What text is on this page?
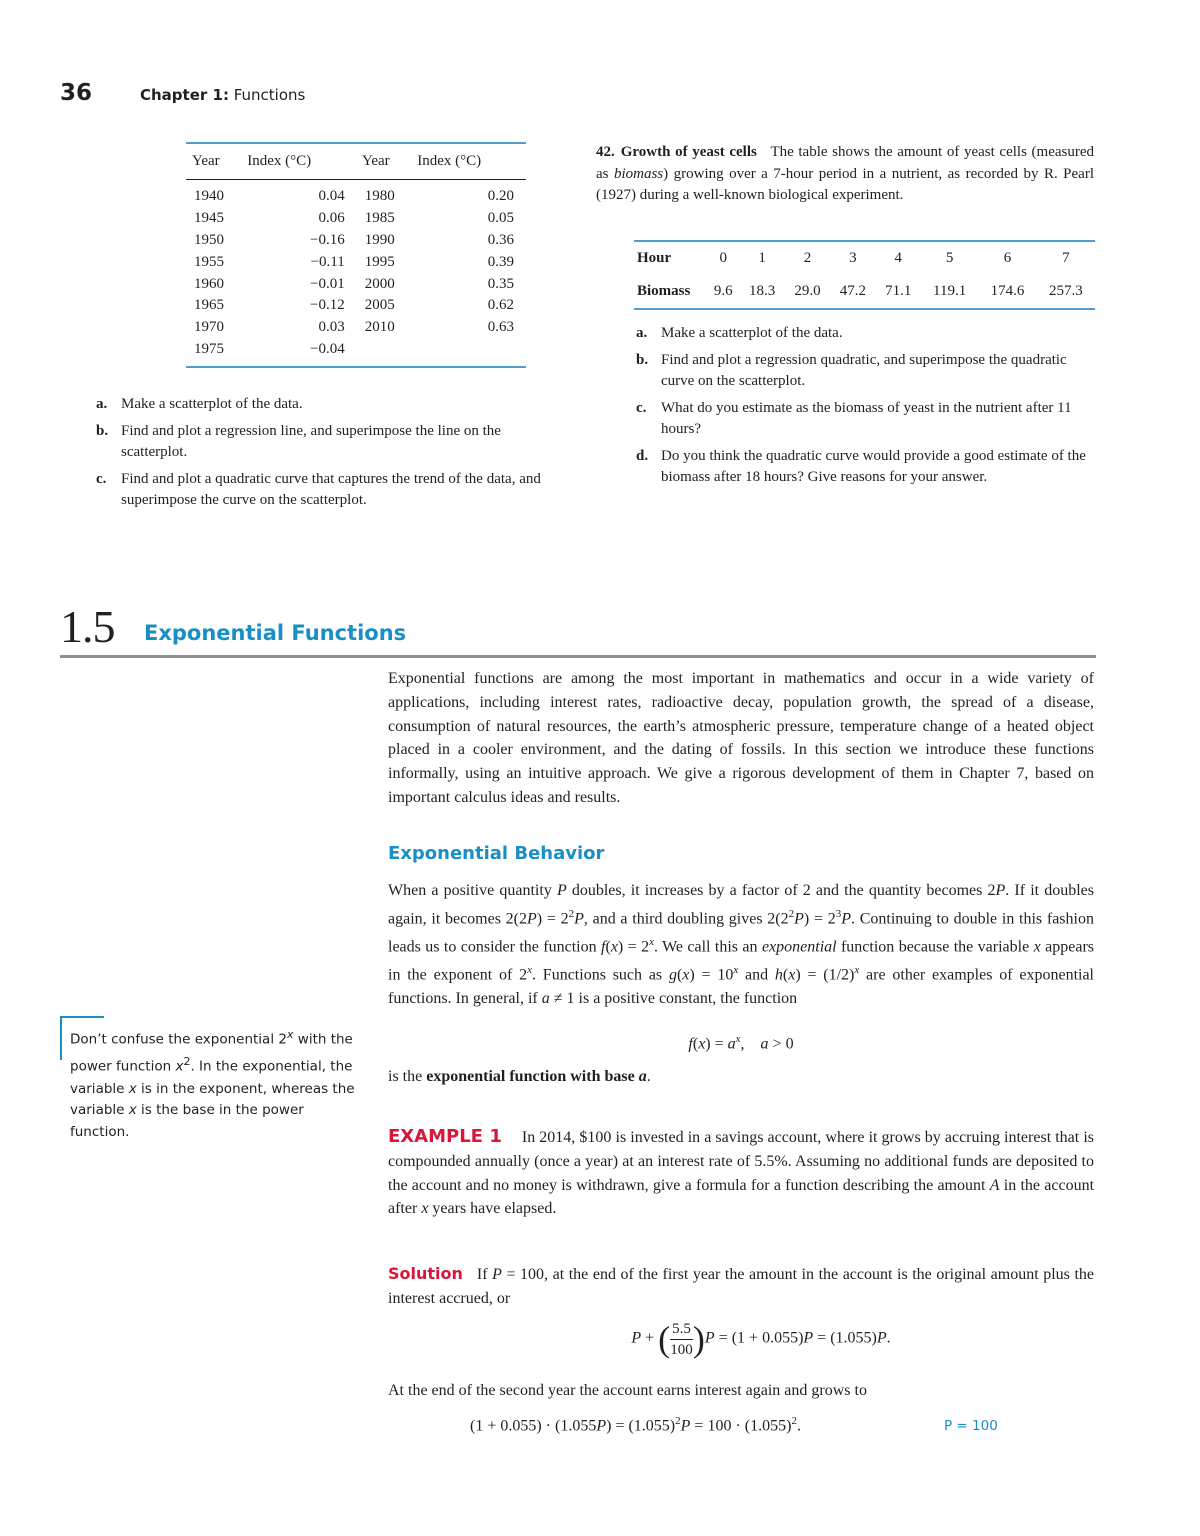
36	Chapter 1: Functions
Year	Index (°C)	Year	Index (°C)
1940	0.04	1980	0.20
1945	0.06	1985	0.05
1950	−0.16	1990	0.36
1955	−0.11	1995	0.39
1960	−0.01	2000	0.35
1965	−0.12	2005	0.62
1970	0.03	2010	0.63
1975	−0.04		
a. Make a scatterplot of the data.
b. Find and plot a regression line, and superimpose the line on the scatterplot.
c. Find and plot a quadratic curve that captures the trend of the data, and superimpose the curve on the scatterplot.
42. Growth of yeast cells The table shows the amount of yeast cells (measured as biomass) growing over a 7-hour period in a nutrient, as recorded by R. Pearl (1927) during a well-known biological experiment.
Hour	0	1	2	3	4	5	6	7
Biomass	9.6	18.3	29.0	47.2	71.1	119.1	174.6	257.3
a. Make a scatterplot of the data.
b. Find and plot a regression quadratic, and superimpose the quadratic curve on the scatterplot.
c. What do you estimate as the biomass of yeast in the nutrient after 11 hours?
d. Do you think the quadratic curve would provide a good estimate of the biomass after 18 hours? Give reasons for your answer.
1.5 Exponential Functions
Exponential functions are among the most important in mathematics and occur in a wide variety of applications, including interest rates, radioactive decay, population growth, the spread of a disease, consumption of natural resources, the earth’s atmospheric pressure, temperature change of a heated object placed in a cooler environment, and the dating of fossils. In this section we introduce these functions informally, using an intuitive approach. We give a rigorous development of them in Chapter 7, based on important calculus ideas and results.
Exponential Behavior
When a positive quantity P doubles, it increases by a factor of 2 and the quantity becomes 2P. If it doubles again, it becomes $2(2P) = 2^2P$, and a third doubling gives $2(2^2P) = 2^3P$. Continuing to double in this fashion leads us to consider the function $f(x) = 2^x$. We call this an exponential function because the variable x appears in the exponent of 2$^x$. Functions such as $g(x) = 10^x$ and $h(x) = (1/2)^x$ are other examples of exponential functions. In general, if a ≠ 1 is a positive constant, the function
$f(x) = a^x$,    a > 0
is the exponential function with base a.
Don’t confuse the exponential 2$^x$ with the power function $x^2$. In the exponential, the variable x is in the exponent, whereas the variable x is the base in the power function.	EXAMPLE 1 In 2014, $100 is invested in a savings account, where it grows by accruing interest that is compounded annually (once a year) at an interest rate of 5.5%. Assuming no additional funds are deposited to the account and no money is withdrawn, give a formula for a function describing the amount A in the account after x years have elapsed.
Solution If P = 100, at the end of the first year the amount in the account is the original amount plus the interest accrued, or
P + ( $\frac{5.5}{100} )P = (1 + 0.055)P = (1.055)P$.
At the end of the second year the account earns interest again and grows to
$(1 + 0.055) \cdot (1.055P) = (1.055)^2P = 100 \cdot (1.055)^2$.	P = 100
